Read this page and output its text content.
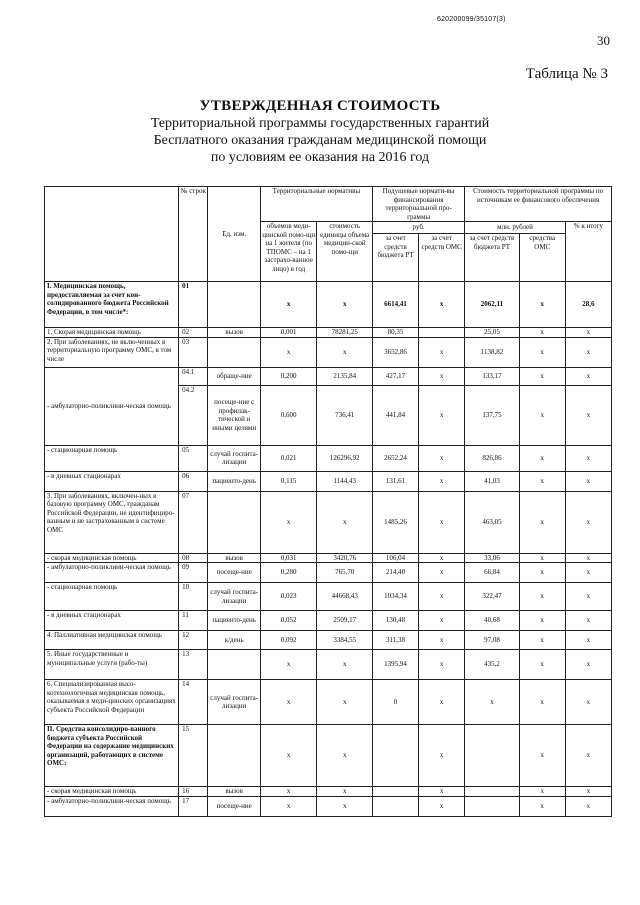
620200099/35107(3)
30
Таблица № 3
УТВЕРЖДЕННАЯ СТОИМОСТЬ
Территориальной программы государственных гарантий
Бесплатного оказания гражданам медицинской помощи
по условиям ее оказания на 2016 год
	№ строк	Ед. изм.	Территориальные нормативы		Подушевые нормати-вы финансирования территориальной про-граммы		Стоимость территориальной программы по источникам ее финансового обеспечения		
			объемов меди-цинской помо-щи на 1 жителя (по ТПОМС – на 1 застрахо-ванное лицо) в год	стоимость единицы объема медицин-ской помо-щи	руб.		млн. рублей		% к итогу
					за счет средств бюджета РТ	за счет средств ОМС	за счет средств бюджета РТ	средства ОМС	

I. Медицинская помощь, предоставляемая за счет кон-солидированного бюджета Российской Федерации, в том числе*:	01		x	x	6614,41	x	2062,11	x	28,6
1. Скорая медицинская помощь	02	вызов	0,001	78281,25	80,35		25,05	x	x
2. При заболеваниях, не вклю-ченных в территориальную программу ОМС, в том числе	03		x	x	3652,86	x	1138,82	x	x
- амбулаторно-поликлини-ческая помощь	04.1	обраще-ние	0,200	2135,84	427,17	x	133,17	x	x
	04.2	посеще-ние с профилак-тической и иными целями	0,600	736,41	441,84	x	137,75	x	x
- стационарная помощь	05	случай госпита-лизации	0,021	126296,92	2652,24	x	826,86	x	x
- в дневных стационарах	06	пациенто-день	0,115	1144,43	131,61	x	41,03	x	x
3. При заболеваниях, включен-ных в базовую программу ОМС, гражданам Российской Федерации, не идентифициро-ванным и не застрахованным в системе ОМС	07		x	x	1485,26	x	463,05	x	x
- скорая медицинская помощь	08	вызов	0,031	3420,76	106,04	x	33,06	x	x
- амбулаторно-поликлини-ческая помощь	09	посеще-ние	0,280	765,70	214,40	x	66,84	x	x
- стационарная помощь	10	случай госпита-лизации	0,023	44668,43	1034,34	x	322,47	x	x
- в дневных стационарах	11	пациенто-день	0,052	2509,17	130,48	x	40,68	x	x
4. Паллиативная медицинская помощь	12	к/день	0,092	3384,55	311,38	x	97,08	x	x
5. Иные государственные и муниципальные услуги (рабо-ты)	13		x	x	1395,94	x	435,2	x	x
6. Специализированная высо-котехнологичная медицинская помощь, оказываемая в меди-цинских организациях субъекта Российской Федерации	14	случай госпита-лизации	x	x	0	x	x	x	x
II. Средства консолидиро-ванного бюджета субъекта Российской Федерации на содержание медицинских организаций, работающих в системе ОМС:	15		x	x		x		x	x
- скорая медицинская помощь	16	вызов	x	x		x		x	x
- амбулаторно-поликлини-ческая помощь	17	посеще-ние	x	x		x		x	x
